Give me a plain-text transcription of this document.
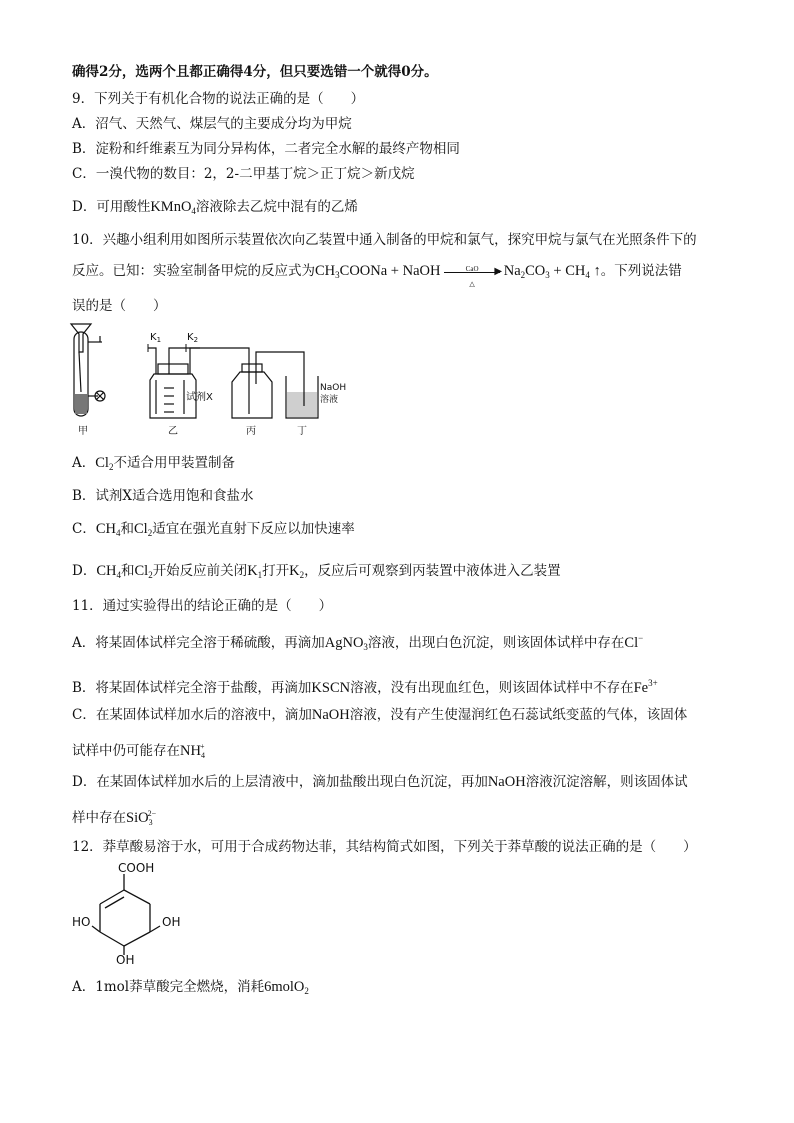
确得2分，选两个且都正确得4分，但只要选错一个就得0分。
9．下列关于有机化合物的说法正确的是（　　）
A．沼气、天然气、煤层气的主要成分均为甲烷
B．淀粉和纤维素互为同分异构体，二者完全水解的最终产物相同
C．一溴代物的数目：2，2-二甲基丁烷＞正丁烷＞新戊烷
D．可用酸性KMnO$_4$溶液除去乙烷中混有的乙烯
10．兴趣小组利用如图所示装置依次向乙装置中通入制备的甲烷和氯气，探究甲烷与氯气在光照条件下的
反应。已知：实验室制备甲烷的反应式为$CH_3COONa$ + NaOH	CaO	▶
△
$Na_2CO_3 + CH_4$ ↑。下列说法错
误的是（　　）
$K_1$	$K_2$
试剂X
NaOH
溶液
甲	乙	丙	丁
A．$Cl_2$不适合用甲装置制备
B．试剂X适合选用饱和食盐水
C．$CH_4$和$Cl_2$适宜在强光直射下反应以加快速率
D．$CH_4$和$Cl_2$开始反应前关闭$K_1$打开$K_2$，反应后可观察到丙装置中液体进入乙装置
11．通过实验得出的结论正确的是（　　）
A．将某固体试样完全溶于稀硫酸，再滴加AgNO$_3$溶液，出现白色沉淀，则该固体试样中存在Cl−
B．将某固体试样完全溶于盐酸，再滴加KSCN溶液，没有出现血红色，则该固体试样中不存在$Fe^{3+}$
C．在某固体试样加水后的溶液中，滴加NaOH溶液，没有产生使湿润红色石蕊试纸变蓝的气体，该固体
试样中仍可能存在$NH_4^+$
D．在某固体试样加水后的上层清液中，滴加盐酸出现白色沉淀，再加NaOH溶液沉淀溶解，则该固体试
样中存在SiO$_3^{2-}$
12．莽草酸易溶于水，可用于合成药物达菲，其结构简式如图，下列关于莽草酸的说法正确的是（　　）
COOH
HO	OH
OH
A．1mol莽草酸完全燃烧，消耗6molO$_2$
